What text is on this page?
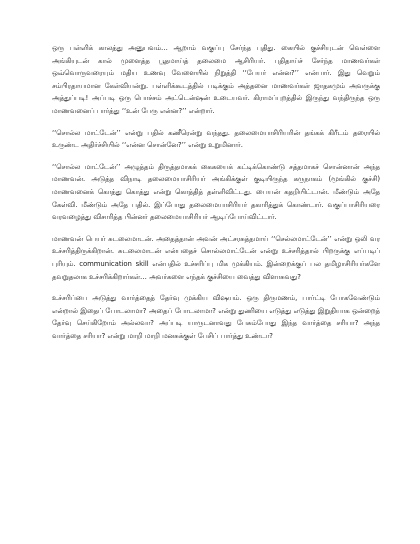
ஒரு பள்ளிக் காலத்து அனுபவம்… ஆறாம் வகுப்பு சேர்ந்த புதிது. கையில் குச்சியுடன் வெள்ளை அங்கியுடன் கால் முளைத்த பூதமாய்த் தலைமை ஆசிரியர். புதிதாய்ச் சேர்ந்த மாணவர்கள் ஒவ்வொருவரையும் மதிய உணவு வேளையில் நிறுத்தி ‘‘பேயர் என்ன?’’ என்பார். இது வெறும் சம்பிரதாயமான கேள்வியன்று. பள்ளிக்கூடத்தில் படிக்கும் அத்தனை மாணவர்கள் ஜாதகமும் அவருக்கு அத்துப்படி! அப்படி ஒரு பொச்சம் அட்டென்ஷன் உடையவர். கிராமப்புறத்தில் இருந்து வந்திருந்த ஒரு மாணவனைப் பார்த்து ‘‘உன் பேரு என்ன?’’ என்றார்.

‘‘சொல்ல மாட்டேன்’’ என்று பதில் கணீரென்று வந்தது. தலைமையாசிரியரின் தங்கக் கிரீடம் தரையில் உருண்ட அதிர்ச்சியில் ‘‘என்ன சொன்னே?’’ என்று உறுமினார்.

‘‘சொல்ல மாட்டேன்’’ அழுத்தம் திருத்தமாகக் கைகயைக் கட்டிக்கொண்டு சத்தமாகச் சொன்னான் அந்த மாணவன். அடுத்த விநாடி தலைமையாசிரியர் அங்கிக்குள் குடியிருந்த கருநாகம் (மூங்கில் குச்சி) மாணவனைக் கொத்து கொத்து என்று கொத்தித் தள்ளிவிட்டது. பையன் கதறியிட்டான். மீண்டும் அதே கேள்வி. மீண்டும் அதே பதில். இப்போது தலைமையாசிரியர் தகாரித்துக் கொண்டார். வகுப்பாசிரியரை வரவழைத்து விசாரித்த பின்னர் தலைமையாசிரியர் ஆடிப்போய்விட்டார்.

மாணவன் பெயர் சுடலைமாடன். அதைத்தான் அவன் அட்சரசுத்தமாய் ‘‘செல்லமாட்டேன்’’ என்று ஒலி வர உச்சரித்திருக்கிறான். சுடலைமாடன் என்பதைச் சொல்லமாட்டேன் என்று உச்சரித்தால் பிறருக்கு எப்படிப் புரியும். communication skill என்பதில் உச்சரிப்பு மிக முக்கியம். இன்றைக்குப் பல தமிழாசிரியர்களே தவறுதலாக உச்சரிக்கிறார்கள்… அவர்களை எந்தக் குச்சியை வைத்து விளாசுவது?

உச்சரிப்பை அடுத்து வார்த்தைத் தேர்வு முக்கிய விஷயம். ஒரு திருமணம், பார்ட்டி போகவேண்டும் என்றால் இதைப் போடலாமா? அதைப் போடலாமா? என்று துணியை எடுத்து எடுத்து இறுதியாக ஒன்றைத் தேர்வு செய்கிறோம் அல்லவா? அப்படி யாருடனாவது பேசும்போது இந்த வார்த்தை சரியா? அந்த வார்த்தை சரியா? என்று மாறி மாறி மனசுக்குள் பேசிப் பார்த்து உண்டா?
